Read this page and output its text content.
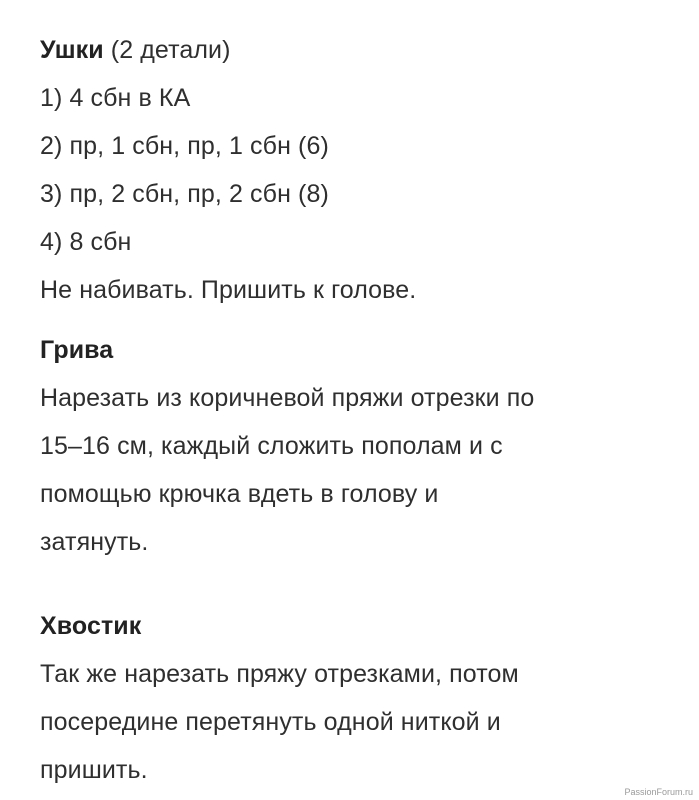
Ушки (2 детали)
1) 4 сбн в КА
2) пр, 1 сбн, пр, 1 сбн (6)
3) пр, 2 сбн, пр, 2 сбн (8)
4) 8 сбн
Не набивать. Пришить к голове.
Грива
Нарезать из коричневой пряжи отрезки по
15–16 см, каждый сложить пополам и с
помощью крючка вдеть в голову и
затянуть.
Хвостик
Так же нарезать пряжу отрезками, потом
посередине перетянуть одной ниткой и
пришить.
PassionForum.ru
